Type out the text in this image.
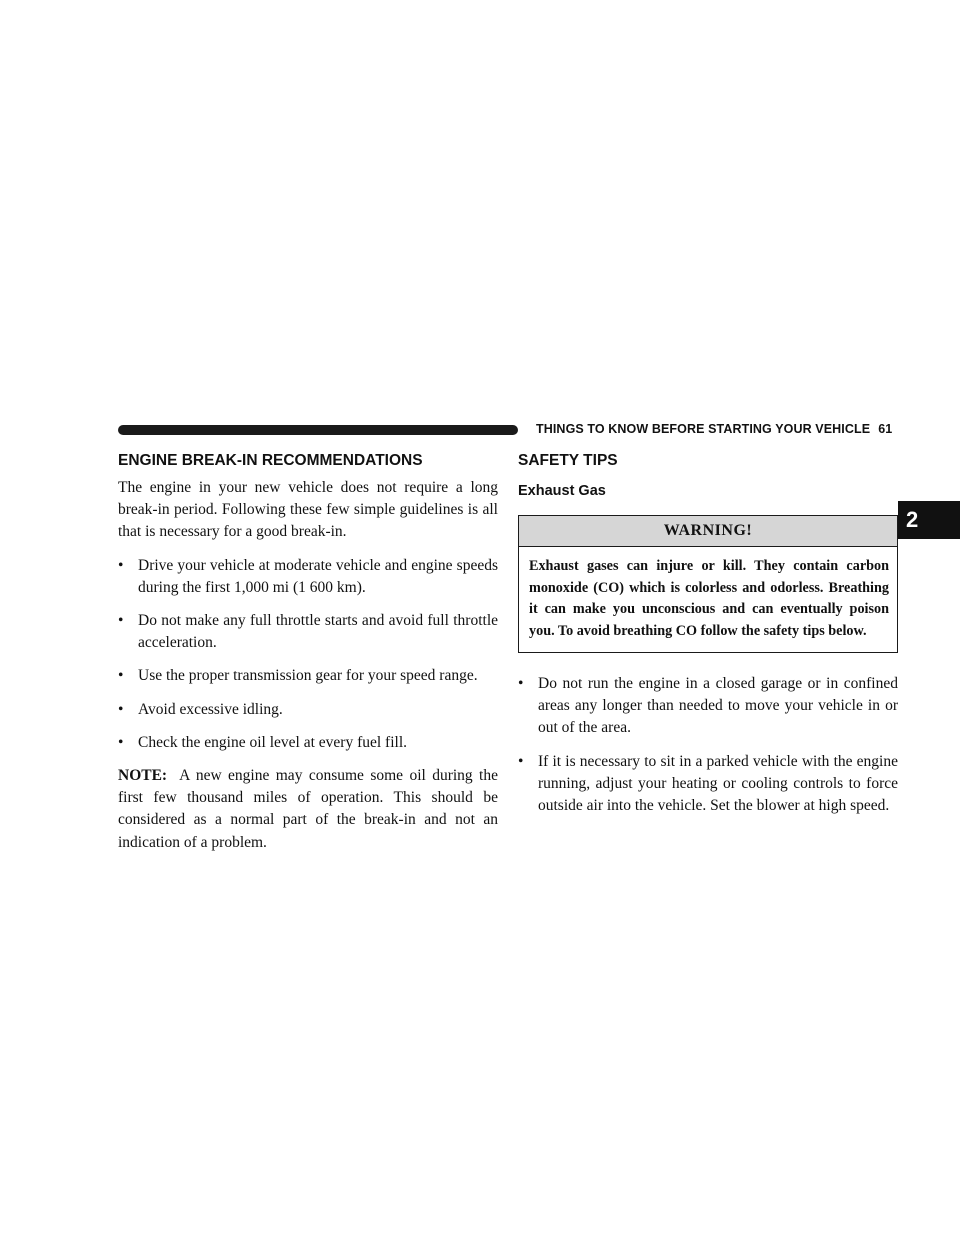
THINGS TO KNOW BEFORE STARTING YOUR VEHICLE 61
2
ENGINE BREAK-IN RECOMMENDATIONS

The engine in your new vehicle does not require a long break-in period. Following these few simple guidelines is all that is necessary for a good break-in.

• Drive your vehicle at moderate vehicle and engine speeds during the first 1,000 mi (1 600 km).
• Do not make any full throttle starts and avoid full throttle acceleration.
• Use the proper transmission gear for your speed range.
• Avoid excessive idling.
• Check the engine oil level at every fuel fill.

NOTE: A new engine may consume some oil during the first few thousand miles of operation. This should be considered as a normal part of the break-in and not an indication of a problem.

SAFETY TIPS
Exhaust Gas
WARNING!
Exhaust gases can injure or kill. They contain carbon monoxide (CO) which is colorless and odorless. Breathing it can make you unconscious and can eventually poison you. To avoid breathing CO follow the safety tips below.
• Do not run the engine in a closed garage or in confined areas any longer than needed to move your vehicle in or out of the area.
• If it is necessary to sit in a parked vehicle with the engine running, adjust your heating or cooling controls to force outside air into the vehicle. Set the blower at high speed.
